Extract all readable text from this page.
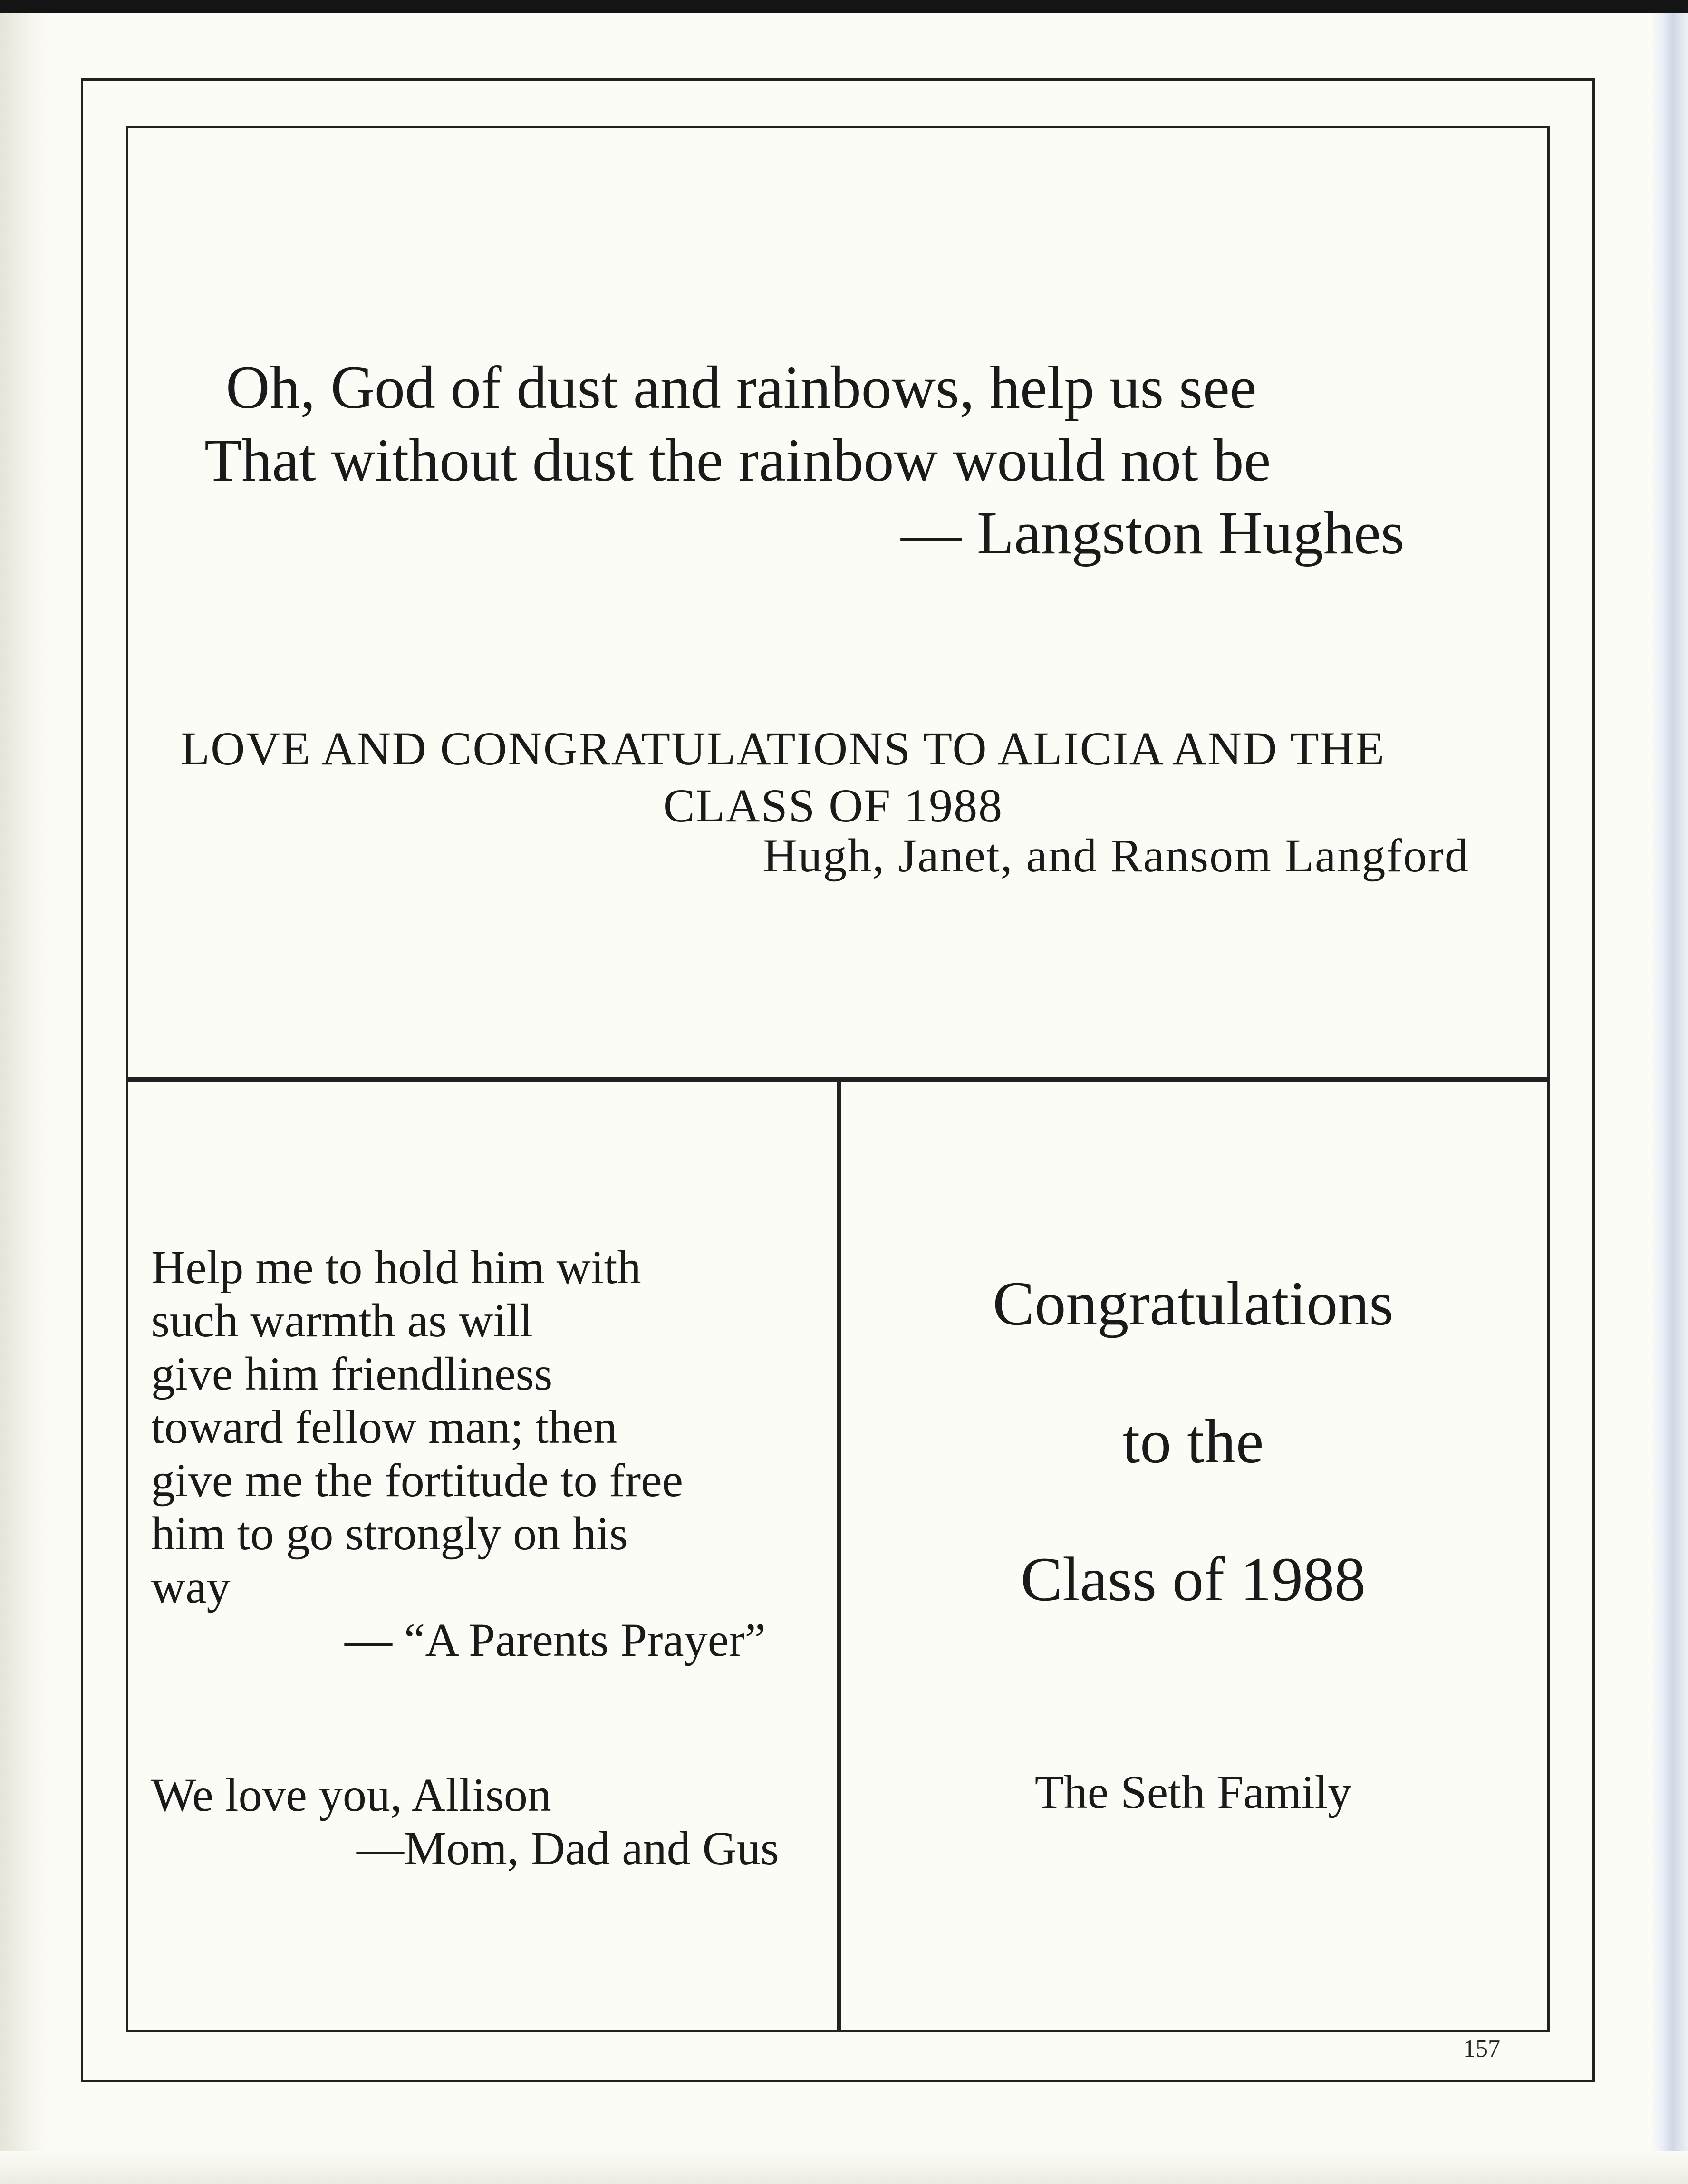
Oh, God of dust and rainbows, help us see
That without dust the rainbow would not be
— Langston Hughes
LOVE AND CONGRATULATIONS TO ALICIA AND THE
CLASS OF 1988
Hugh, Janet, and Ransom Langford
Help me to hold him with
such warmth as will
give him friendliness
toward fellow man; then
give me the fortitude to free
him to go strongly on his
way
— “A Parents Prayer”
We love you, Allison
—Mom, Dad and Gus
Congratulations
to the
Class of 1988
The Seth Family
157
